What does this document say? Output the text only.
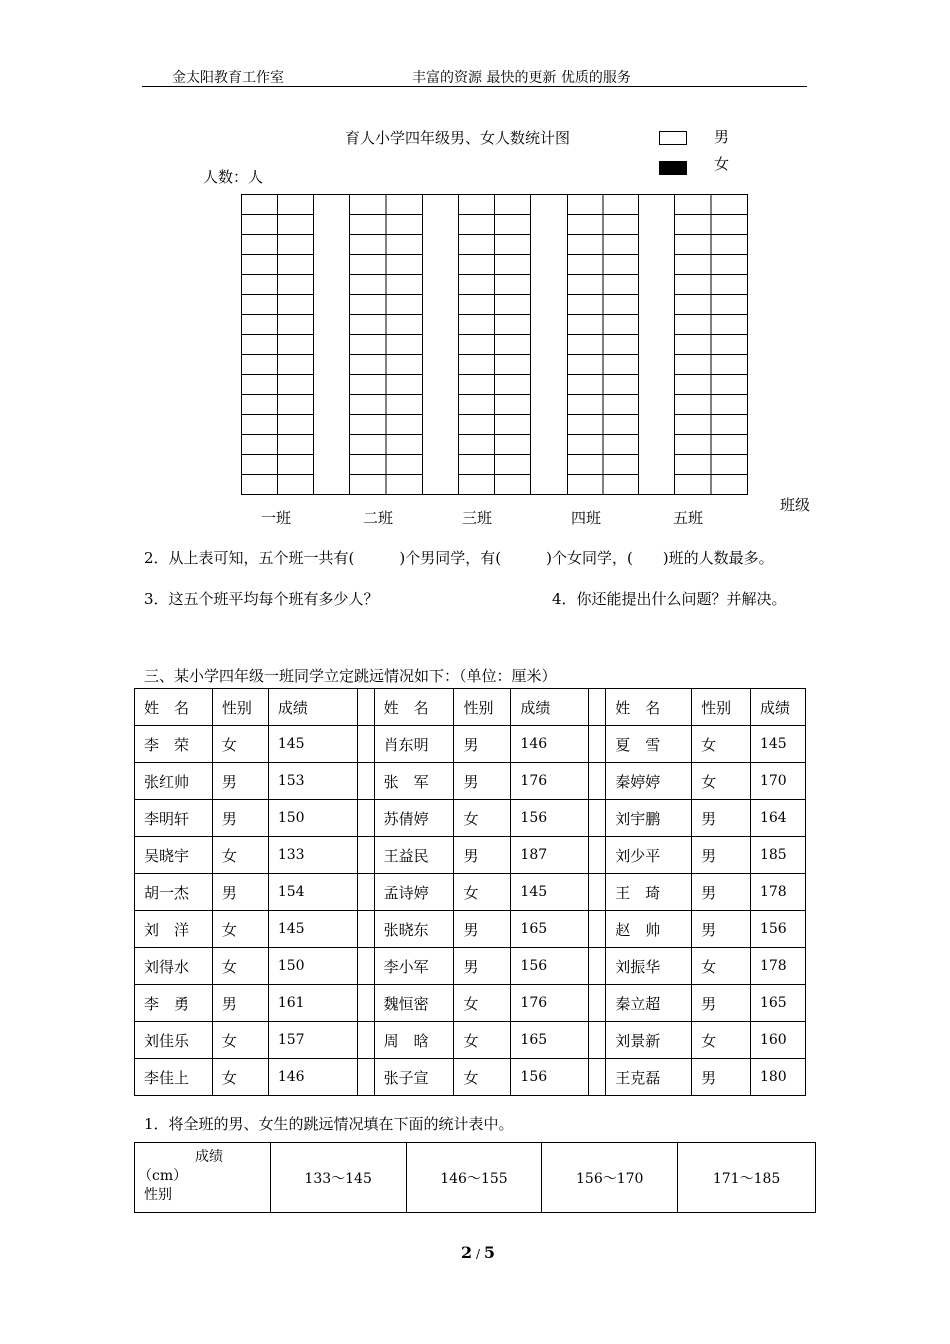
金太阳教育工作室	丰富的资源 最快的更新 优质的服务
育人小学四年级男、女人数统计图	男
女
人数：人
一班	二班	三班	四班	五班
班级
2．从上表可知，五个班一共有(　　　)个男同学，有(　　　)个女同学，(　　)班的人数最多。
3．这五个班平均每个班有多少人？	4．你还能提出什么问题？并解决。
三、某小学四年级一班同学立定跳远情况如下：（单位：厘米）
姓　名	性别	成绩		姓　名	性别	成绩		姓　名	性别	成绩
李　荣	女	145		肖东明	男	146		夏　雪	女	145
张红帅	男	153		张　军	男	176		秦婷婷	女	170
李明轩	男	150		苏倩婷	女	156		刘宇鹏	男	164
吴晓宇	女	133		王益民	男	187		刘少平	男	185
胡一杰	男	154		孟诗婷	女	145		王　琦	男	178
刘　洋	女	145		张晓东	男	165		赵　帅	男	156
刘得水	女	150		李小军	男	156		刘振华	女	178
李　勇	男	161		魏恒密	女	176		秦立超	男	165
刘佳乐	女	157		周　晗	女	165		刘景新	女	160
李佳上	女	146		张子宣	女	156		王克磊	男	180
1．将全班的男、女生的跳远情况填在下面的统计表中。
成绩
（cm）
性别
	133～145	146～155	156～170	171～185
2 / 5
